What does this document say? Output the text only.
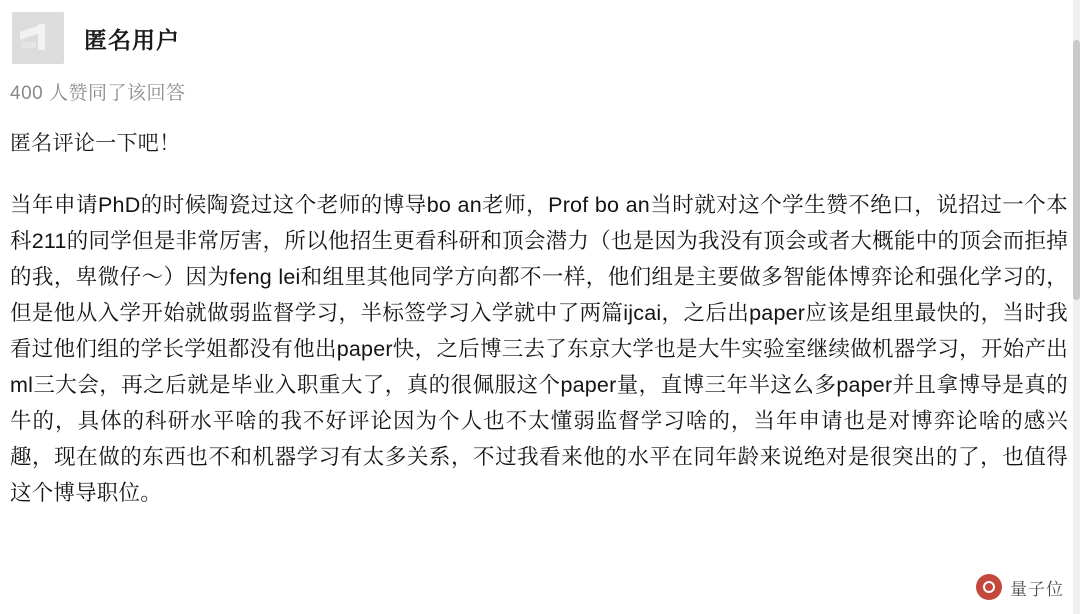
匿名用户
400 人赞同了该回答
匿名评论一下吧！
当年申请PhD的时候陶瓷过这个老师的博导bo an老师，Prof bo an当时就对这个学生赞不绝口，说招过一个本科211的同学但是非常厉害，所以他招生更看科研和顶会潜力（也是因为我没有顶会或者大概能中的顶会而拒掉的我，卑微仔～）因为feng lei和组里其他同学方向都不一样，他们组是主要做多智能体博弈论和强化学习的，但是他从入学开始就做弱监督学习，半标签学习入学就中了两篇ijcai，之后出paper应该是组里最快的，当时我看过他们组的学长学姐都没有他出paper快，之后博三去了东京大学也是大牛实验室继续做机器学习，开始产出ml三大会，再之后就是毕业入职重大了，真的很佩服这个paper量，直博三年半这么多paper并且拿博导是真的牛的，具体的科研水平啥的我不好评论因为个人也不太懂弱监督学习啥的，当年申请也是对博弈论啥的感兴趣，现在做的东西也不和机器学习有太多关系，不过我看来他的水平在同年龄来说绝对是很突出的了，也值得这个博导职位。
量子位
